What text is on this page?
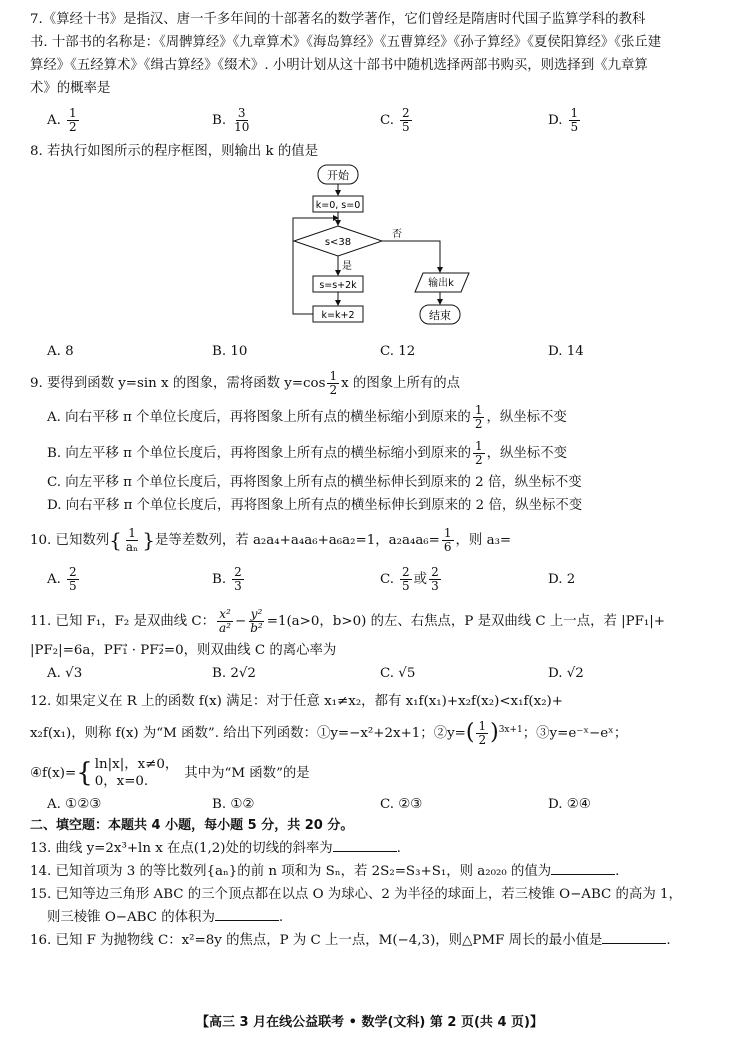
7.《算经十书》是指汉、唐一千多年间的十部著名的数学著作，它们曾经是隋唐时代国子监算学科的教科
书. 十部书的名称是：《周髀算经》《九章算术》《海岛算经》《五曹算经》《孙子算经》《夏侯阳算经》《张丘建
算经》《五经算术》《缉古算经》《缀术》. 小明计划从这十部书中随机选择两部书购买，则选择到《九章算
术》的概率是
A. $\frac{1}{2}$	B. $\frac{3}{10}$	C. $\frac{2}{5}$	D. $\frac{1}{5}$
8. 若执行如图所示的程序框图，则输出 k 的值是
开始
k=0, s=0
s<38
否
是
s=s+2k
k=k+2
输出k
结束
A. 8	B. 10	C. 12	D. 14
9. 要得到函数 y=sin x 的图象，需将函数 $y=\cos \frac{1}{2}$ x 的图象上所有的点
A. 向右平移 π 个单位长度后，再将图象上所有点的横坐标缩小到原来的 $\frac{1}{2}$ ，纵坐标不变
B. 向左平移 π 个单位长度后，再将图象上所有点的横坐标缩小到原来的 $\frac{1}{2}$ ，纵坐标不变
C. 向左平移 π 个单位长度后，再将图象上所有点的横坐标伸长到原来的 2 倍，纵坐标不变
D. 向右平移 π 个单位长度后，再将图象上所有点的横坐标伸长到原来的 2 倍，纵坐标不变
10. 已知数列 { $\frac{1}{\text{aₙ}}$ } 是等差数列，若 a₂a₄+a₄a₆+a₆a₂=1，$a_2a_4a_6= \frac{1}{6}$ ，则 a₃=
A. $\frac{2}{5}$	B. $\frac{2}{3}$	C. $\frac{2}{5}$ 或 $\frac{2}{3}$	D. 2
11. 已知 F₁，F₂ 是双曲线 C： $\frac{\text{x²}}{\text{a²}} - \frac{\text{y²}}{\text{b²}} =1(a>0$，b>0) 的左、右焦点，P 是双曲线 C 上一点，若 |PF₁|+
|PF₂|=6a，PF₁⃗ · PF₂⃗=0，则双曲线 C 的离心率为
A. √3	B. 2√2	C. √5	D. √2
12. 如果定义在 R 上的函数 f(x) 满足：对于任意 x₁≠x₂，都有 x₁f(x₁)+x₂f(x₂)<x₁f(x₂)+
x₂f(x₁)，则称 f(x) 为“M 函数”. 给出下列函数：①y=−x²+2x+1；②y= ( $\frac{1}{2}$ ) 3x+1 ；③y=e⁻ˣ−eˣ；
④f(x)= { ln|x|，x≠0，
0，x=0.
其中为“M 函数”的是
A. ①②③	B. ①②	C. ②③	D. ②④
二、填空题：本题共 4 小题，每小题 5 分，共 20 分。
13. 曲线 y=2x³+ln x 在点(1,2)处的切线的斜率为	.
14. 已知首项为 3 的等比数列{aₙ}的前 n 项和为 Sₙ，若 2S₂=S₃+S₁，则 a₂₀₂₀ 的值为	.
15. 已知等边三角形 ABC 的三个顶点都在以点 O 为球心、2 为半径的球面上，若三棱锥 O−ABC 的高为 1，
则三棱锥 O−ABC 的体积为	.
16. 已知 F 为抛物线 C：x²=8y 的焦点，P 为 C 上一点，M(−4,3)，则△PMF 周长的最小值是	.
【高三 3 月在线公益联考 • 数学(文科) 第 2 页(共 4 页)】
